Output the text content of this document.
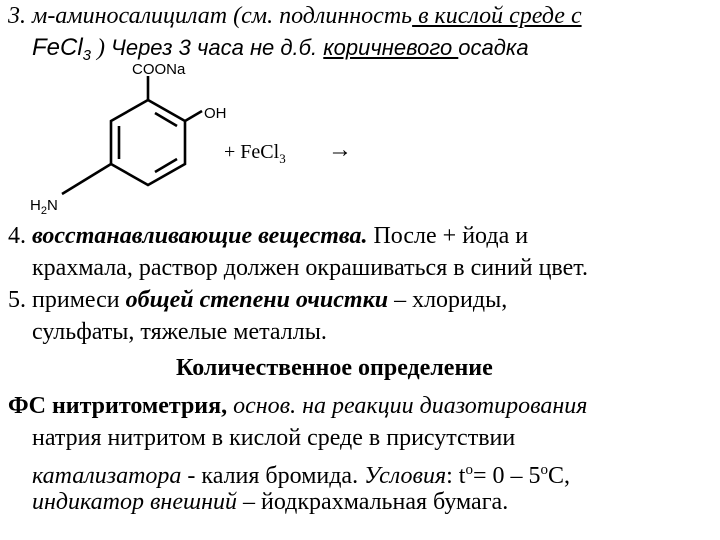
3. м-аминосалицилат (см. подлинность в кислой среде с
FeCl$_3$ ) Через 3 часа не д.б. коричневого осадка
COONa
OH
$H_2N$
+ FeCl$_3$ →
4. восстанавливающие вещества. После + йода и
крахмала, раствор должен окрашиваться в синий цвет.
5. примеси общей степени очистки – хлориды,
сульфаты, тяжелые металлы.
Количественное определение
ФС нитритометрия, основ. на реакции диазотирования
натрия нитритом в кислой среде в присутствии
катализатора - калия бромида. Условия: $t^o= 0 - 5^oC$,
индикатор внешний – йодкрахмальная бумага.
